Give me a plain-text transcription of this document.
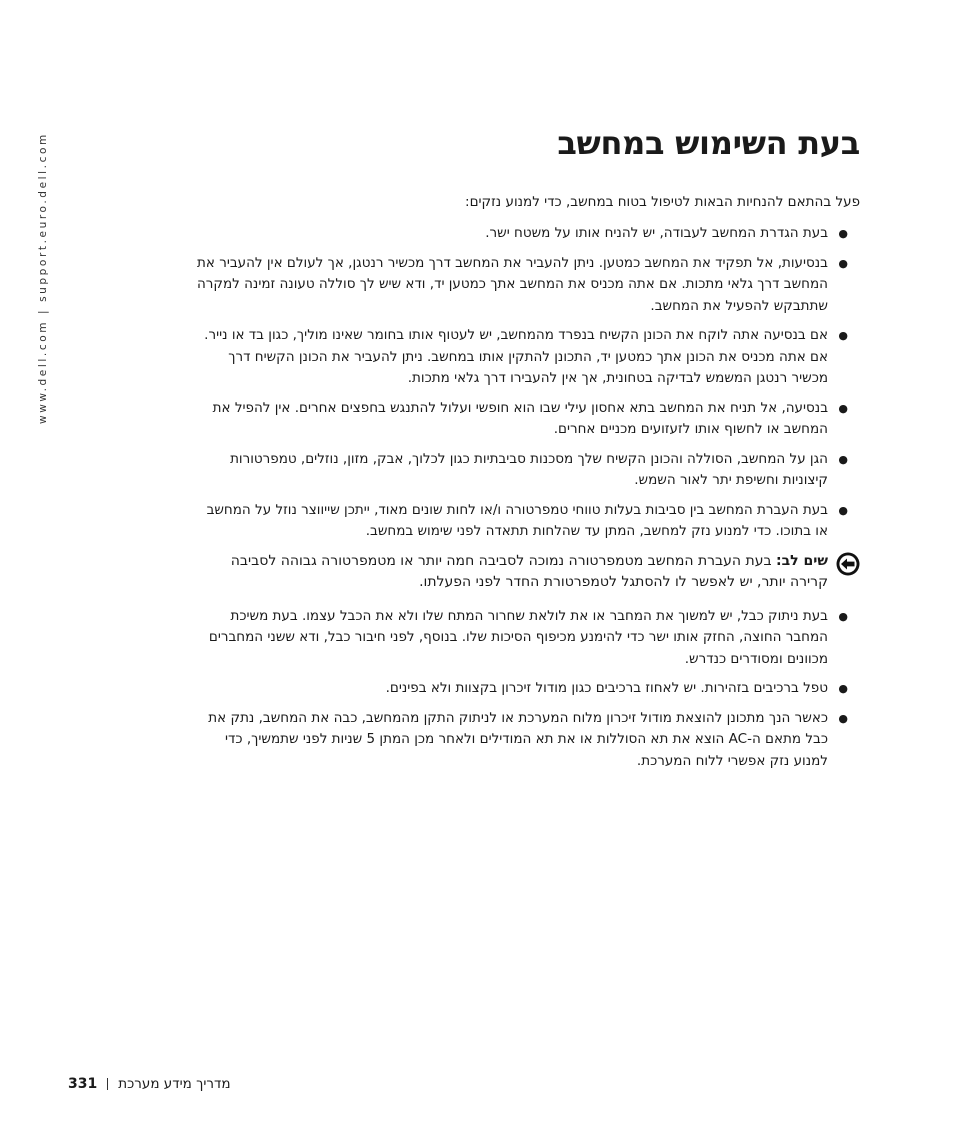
www.dell.com | support.euro.dell.com	בעת השימוש במחשב

פעל בהתאם להנחיות הבאות לטיפול בטוח במחשב, כדי למנוע נזקים:

●
בעת הגדרת המחשב לעבודה, יש להניח אותו על משטח ישר.
●
בנסיעות, אל תפקיד את המחשב כמטען. ניתן להעביר את המחשב דרך מכשיר רנטגן, אך לעולם אין להעביר את המחשב דרך גלאי מתכות. אם אתה מכניס את המחשב אתך כמטען יד, ודא שיש לך סוללה טעונה זמינה למקרה שתתבקש להפעיל את המחשב.
●
אם בנסיעה אתה לוקח את הכונן הקשיח בנפרד מהמחשב, יש לעטוף אותו בחומר שאינו מוליך, כגון בד או נייר. אם אתה מכניס את הכונן אתך כמטען יד, התכונן להתקין אותו במחשב. ניתן להעביר את הכונן הקשיח דרך מכשיר רנטגן המשמש לבדיקה בטחונית, אך אין להעבירו דרך גלאי מתכות.
●
בנסיעה, אל תניח את המחשב בתא אחסון עילי שבו הוא חופשי ועלול להתנגש בחפצים אחרים. אין להפיל את המחשב או לחשוף אותו לזעזועים מכניים אחרים.
●
הגן על המחשב, הסוללה והכונן הקשיח שלך מסכנות סביבתיות כגון לכלוך, אבק, מזון, נוזלים, טמפרטורות קיצוניות וחשיפת יתר לאור השמש.
●
בעת העברת המחשב בין סביבות בעלות טווחי טמפרטורה ו/או לחות שונים מאוד, ייתכן שייווצר נוזל על המחשב או בתוכו. כדי למנוע נזק למחשב, המתן עד שהלחות תתאדה לפני שימוש במחשב.
שים לב: בעת העברת המחשב מטמפרטורה נמוכה לסביבה חמה יותר או מטמפרטורה גבוהה לסביבה קרירה יותר, יש לאפשר לו להסתגל לטמפרטורת החדר לפני הפעלתו.
●
בעת ניתוק כבל, יש למשוך את המחבר או את לולאת שחרור המתח שלו ולא את הכבל עצמו. בעת משיכת המחבר החוצה, החזק אותו ישר כדי להימנע מכיפוף הסיכות שלו. בנוסף, לפני חיבור כבל, ודא ששני המחברים מכוונים ומסודרים כנדרש.
●
טפל ברכיבים בזהירות. יש לאחוז ברכיבים כגון מודול זיכרון בקצוות ולא בפינים.
●
כאשר הנך מתכונן להוצאת מודול זיכרון מלוח המערכת או לניתוק התקן מהמחשב, כבה את המחשב, נתק את כבל מתאם ה-AC הוצא את תא הסוללות או את תא המודילים ולאחר מכן המתן 5 שניות לפני שתמשיך, כדי למנוע נזק אפשרי ללוח המערכת.
331 מדריך מידע מערכת
